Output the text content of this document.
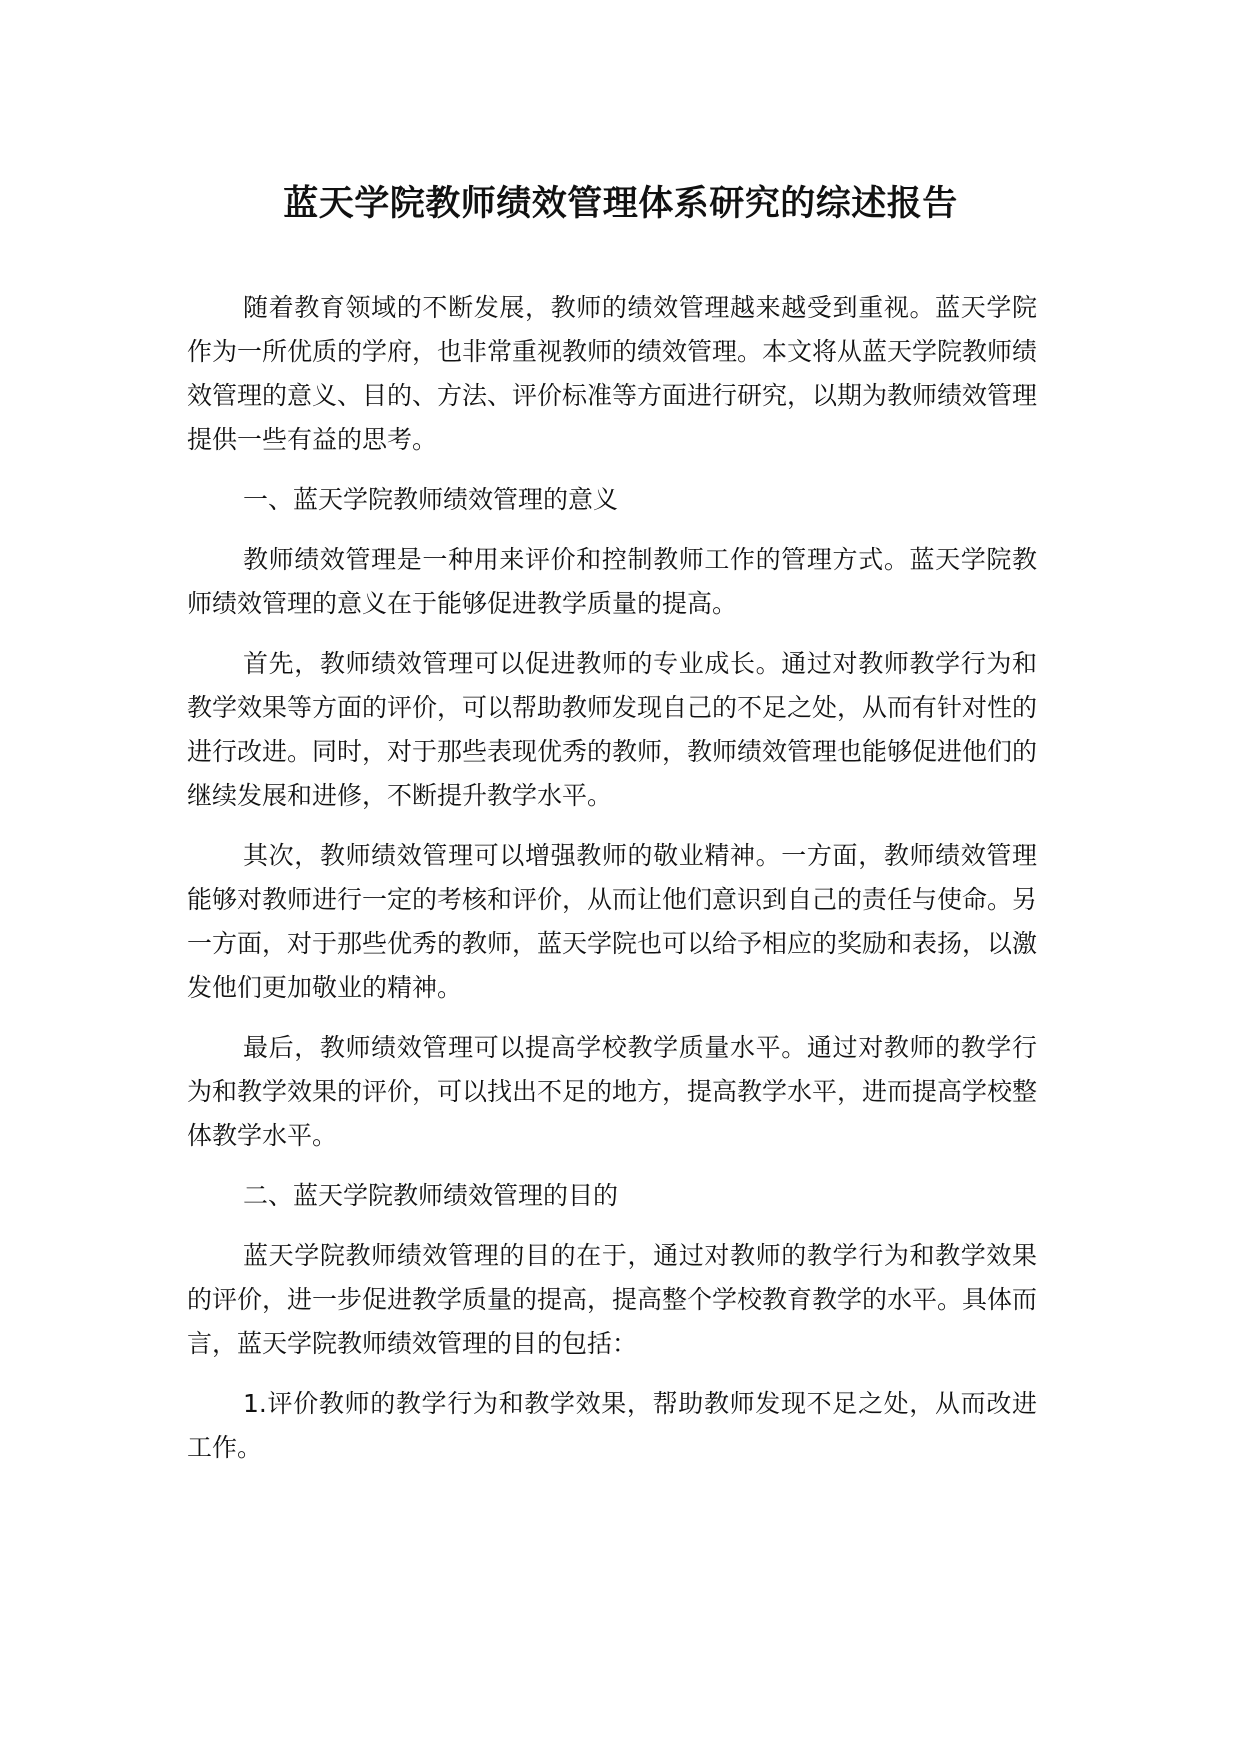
蓝天学院教师绩效管理体系研究的综述报告

随着教育领域的不断发展，教师的绩效管理越来越受到重视。蓝天学院作为一所优质的学府，也非常重视教师的绩效管理。本文将从蓝天学院教师绩效管理的意义、目的、方法、评价标准等方面进行研究，以期为教师绩效管理提供一些有益的思考。

一、蓝天学院教师绩效管理的意义

教师绩效管理是一种用来评价和控制教师工作的管理方式。蓝天学院教师绩效管理的意义在于能够促进教学质量的提高。

首先，教师绩效管理可以促进教师的专业成长。通过对教师教学行为和教学效果等方面的评价，可以帮助教师发现自己的不足之处，从而有针对性的进行改进。同时，对于那些表现优秀的教师，教师绩效管理也能够促进他们的继续发展和进修，不断提升教学水平。

其次，教师绩效管理可以增强教师的敬业精神。一方面，教师绩效管理能够对教师进行一定的考核和评价，从而让他们意识到自己的责任与使命。另一方面，对于那些优秀的教师，蓝天学院也可以给予相应的奖励和表扬，以激发他们更加敬业的精神。

最后，教师绩效管理可以提高学校教学质量水平。通过对教师的教学行为和教学效果的评价，可以找出不足的地方，提高教学水平，进而提高学校整体教学水平。

二、蓝天学院教师绩效管理的目的

蓝天学院教师绩效管理的目的在于，通过对教师的教学行为和教学效果的评价，进一步促进教学质量的提高，提高整个学校教育教学的水平。具体而言，蓝天学院教师绩效管理的目的包括：

1.评价教师的教学行为和教学效果，帮助教师发现不足之处，从而改进工作。
